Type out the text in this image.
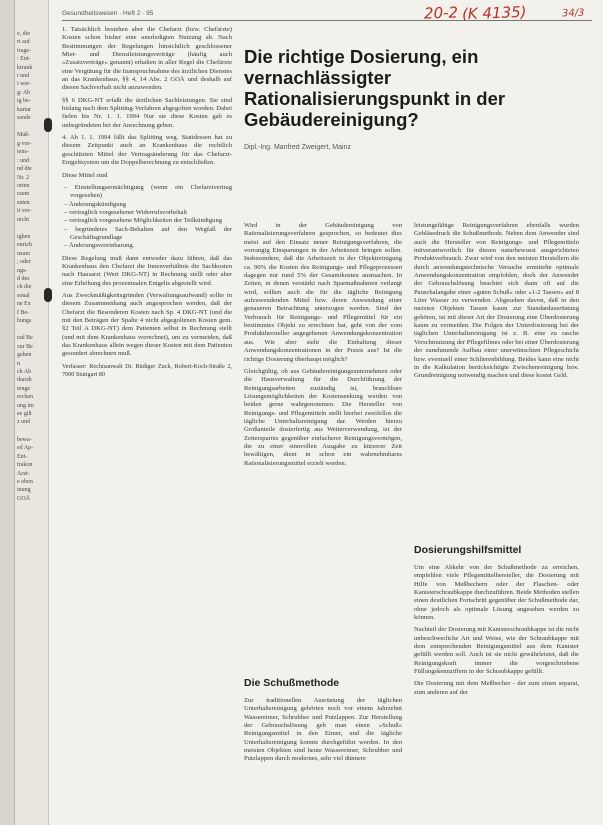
e, die
rt auf
irage-
: Ent-
ktrank
i und
i wer-
g: Ab
ig be-
kartar
sende
Maß-
g vor-
tens-
: und
nd die
Nr. 2
orten
raum
snten
it ver-
nicht
ighen
enrich
usum
; oder
ngs-
d des
ch die
sonal
ne Ex
f Be-
hungs
rad Be
zur Be
gehen
n
ch Ab
tbarsh
tenge
rechen
ung im
ee gilt
z und
bewa-
ed Ap-
Ent-
trakon
Arzt-
e oben
inung
GOÄ
Gesundheitswesen · Heft 2 · 95	20-2 (K 4135)	34/3

1. Tatsächlich bestehen aber die Chefarzt (bzw. Chefärzte) Kosten schon bisher eine unerledigten Nutzung ab. Nach Bestimmungen der Regelungen hinsichtlich geschlossener Miet- und Dienstleistungsverträge (häufig auch »Zusatzverträge« genannt) erhalten in aller Regel die Chefärzte eine Vergütung für die Inanspruchnahme des ärztlichen Dienstes an das Krankenhaus, §§ 4, 14 Abs. 2 GOÄ und deshalb auf diesen Sachverhalt nicht anzuwenden.

§§ 6 DKG-NT erfaßt die ärztlichen Sachleistungen. Sie sind bislang nach dem Splitting-Verfahren abgegolten worden. Dabei fielen bis Nr. 1. 1. 1994 Nur sie diese Kosten gab es unbegründeten bei der Anrechnung geben.

4. Ab 1. 1. 1994 fällt das Splitting weg. Stattdessen hat zu diesem Zeitpunkt auch an Krankenhaus die rechtlich geschützten Mittel der Vertragsänderung für das Chefarzt-Entgeltsystem um die Doppelberechnung zu entschließen.

Diese Mittel sind

– Einstellungsermächtigung (wenn ein Chefarztvertrag vorgesehen)
– Änderungskündigung
– vertraglich vorgesehener Widerrufsvorbehalt
– vertraglich vorgesehene Möglichkeiten der Teilkündigung
– begründetes Sach-Behalten auf den Wegfall der Geschäftsgrundlage
– Änderungsvereinbarung.

Diese Regelung muß dann entweder dazu führen, daß das Krankenhaus den Chefarzt die Innenverhältnis die Sachkosten nach Hausarzt (Wert DKG-NT) in Rechnung stellt oder aber eine Erhöhung des prozentualen Entgelts abgestellt wird.

Aus Zweckmäßigkeitsgründen (Verwaltungsaufwand) sollte in diesem Zusammenhang auch angesprochen werden, daß der Chefarzt die Besonderen Kosten nach Sp. 4 DKG-NT (und die mit den Beträgen der Spalte 4 nicht abgegoltenen Kosten gem. §2 Teil A DKG-NT) dem Patienten selbst in Rechnung stellt (und mit dem Krankenhaus verrechnet), um zu vermeiden, daß das Krankenhaus allein wegen dieser Kosten mit dem Patienten gesondert abrechnen muß.

Verfasser: Rechtsanwalt Dr. Rüdiger Zuck, Robert-Koch-Straße 2, 7000 Stuttgart 80

Die richtige Dosierung, ein vernachlässigter Rationalisierungspunkt in der Gebäudereinigung?
Dipl.-Ing. Manfred Zweigert, Mainz

Wird in der Gebäudereinigung von Rationalisierungsverfahren gesprochen, so bedeutet dies meist auf den Einsatz neuer Reinigungsverfahren, die vorrangig Einsparungen in der Arbeitszeit bringen sollen. Insbesondere, daß die Arbeitszeit in der Objektreinigung ca. 90% die Kosten des Reinigungs- und Pflegeprozessen dagegen nur rund 5% der Gesamtkosten ausmachen. In Zeiten, in denen verstärkt nach Sparmaßnahmen verlangt wird, sollten auch die für die tägliche Reinigung aufzuwendenden Mittel bzw. deren Anwendung einer genaueren Betrachtung unterzogen werden. Sind der Verbrauch für Reinigungs- und Pflegemittel für ein bestimmtes Objekt zu errechnen hat, geht von der vom Produkthersteller angegebenen Anwendungskonzentration aus. Wie aber sieht die Einhaltung dieser Anwendungskonzentrationen in der Praxis aus? Ist die richtige Dosierung überhaupt möglich?

Gleichgültig, ob aus Gebäudereinigungsunternehmen oder die Hausverwaltung für die Durchführung der Reinigungsarbeiten zuständig ist, brauchbare Lösungsmöglichkeiten der Kostensenkung werden von beiden gerne wahrgenommen. Die Hersteller von Reinigungs- und Pflegemitteln stellt hierbei zweifellos die tägliche Unterhaltsreinigung dar. Werden hierzu Großanteile dosierfertig aus Weiterverwendung, ist der Zeitersparnis gegenüber einfacherer Reinigungsvermögen, die zu einer sinnvollen Ausgabe zu kürzerer Zeit bewältigen, dient in schon ein wahrnehmbares Rationalisierungsmittel erzielt werden.

Die Schußmethode

Zur traditionellen Ausrüstung der täglichen Unterhaltsreinigung gehörten noch vor einem Jahrzehnt Wassereimer, Schrubber und Putzlappen. Zur Herstellung der Gebrauchslösung geb man einen »Schuß« Reinigungsmittel in den Eimer, und die tägliche Unterhaltsreinigung konnte durchgeführt werden. In den meisten Objekten sind heute Wassereimer, Schrubber und Putzlappen durch modernes, sehr viel dünnere

leistungsfähige Reinigungsverfahren ebenfalls wurden Gebläsedruck die Schußmethode. Neben dem Anwender sind auch die Hersteller von Reinigungs- und Pflegemitteln mitverantwortlich für diesen naturbewusst ausgerichteten Produktverbrauch. Zwar wird von den meisten Herstellern die durch anwendungstechnische Versuche ermittelte optimale Anwendungskonzentration empfohlen, doch der Anwender der Gebrauchslösung beachtet sich dann oft auf die Pauschalangabe einer »guten Schuß« oder »1-2 Tassen« auf 8 Liter Wasser zu verwenden. Abgesehen davon, daß in den meisten Objekten Tassen kaum zur Standardausrüstung gehören, ist mit dieser Art der Dosierung eine Überdosierung kaum zu vermeiden. Die Folgen der Unterdosierung bei der täglichen Unterhaltsreinigung ist z. B. eine zu rasche Verschmutzung der Pflegefilmes oder bei einer Überdosierung der zunehmende Aufbau einer unerwünschten Pflegeschicht bzw. eventuell einer Schlierenbildung. Beides kann eine nicht in die Kalkulation berücksichtigte Zwischenreinigung bzw. Grundreinigung notwendig machen und diese kostet Geld.

Dosierungshilfsmittel

Um eine Abkehr von der Schußmethode zu erreichen, empfehlen viele Pflegemittelhersteller, die Dosierung mit Hilfe von Meßbechern oder der Flaschen- oder Kanisterschraubkappe durchzuführen. Beide Methoden stellen einen deutlichen Fortschritt gegenüber der Schußmethode dar, ohne jedoch als optimale Lösung angesehen werden zu können.

Nachteil der Dosierung mit Kanisterschraubkappe ist die nicht unbeschwerliche Art und Weise, wie der Schraubkappe mit dem entsprechenden Reinigungsmittel aus dem Kanister gefüllt werden soll. Auch ist sie nicht gewährleistet, daß die Reinigungskraft immer die vorgeschriebene Füllungskennziffern in der Schraubkappe gefüllt.

Die Dosierung mit dem Meßbecher - der zum einen separat, zum anderen auf der
